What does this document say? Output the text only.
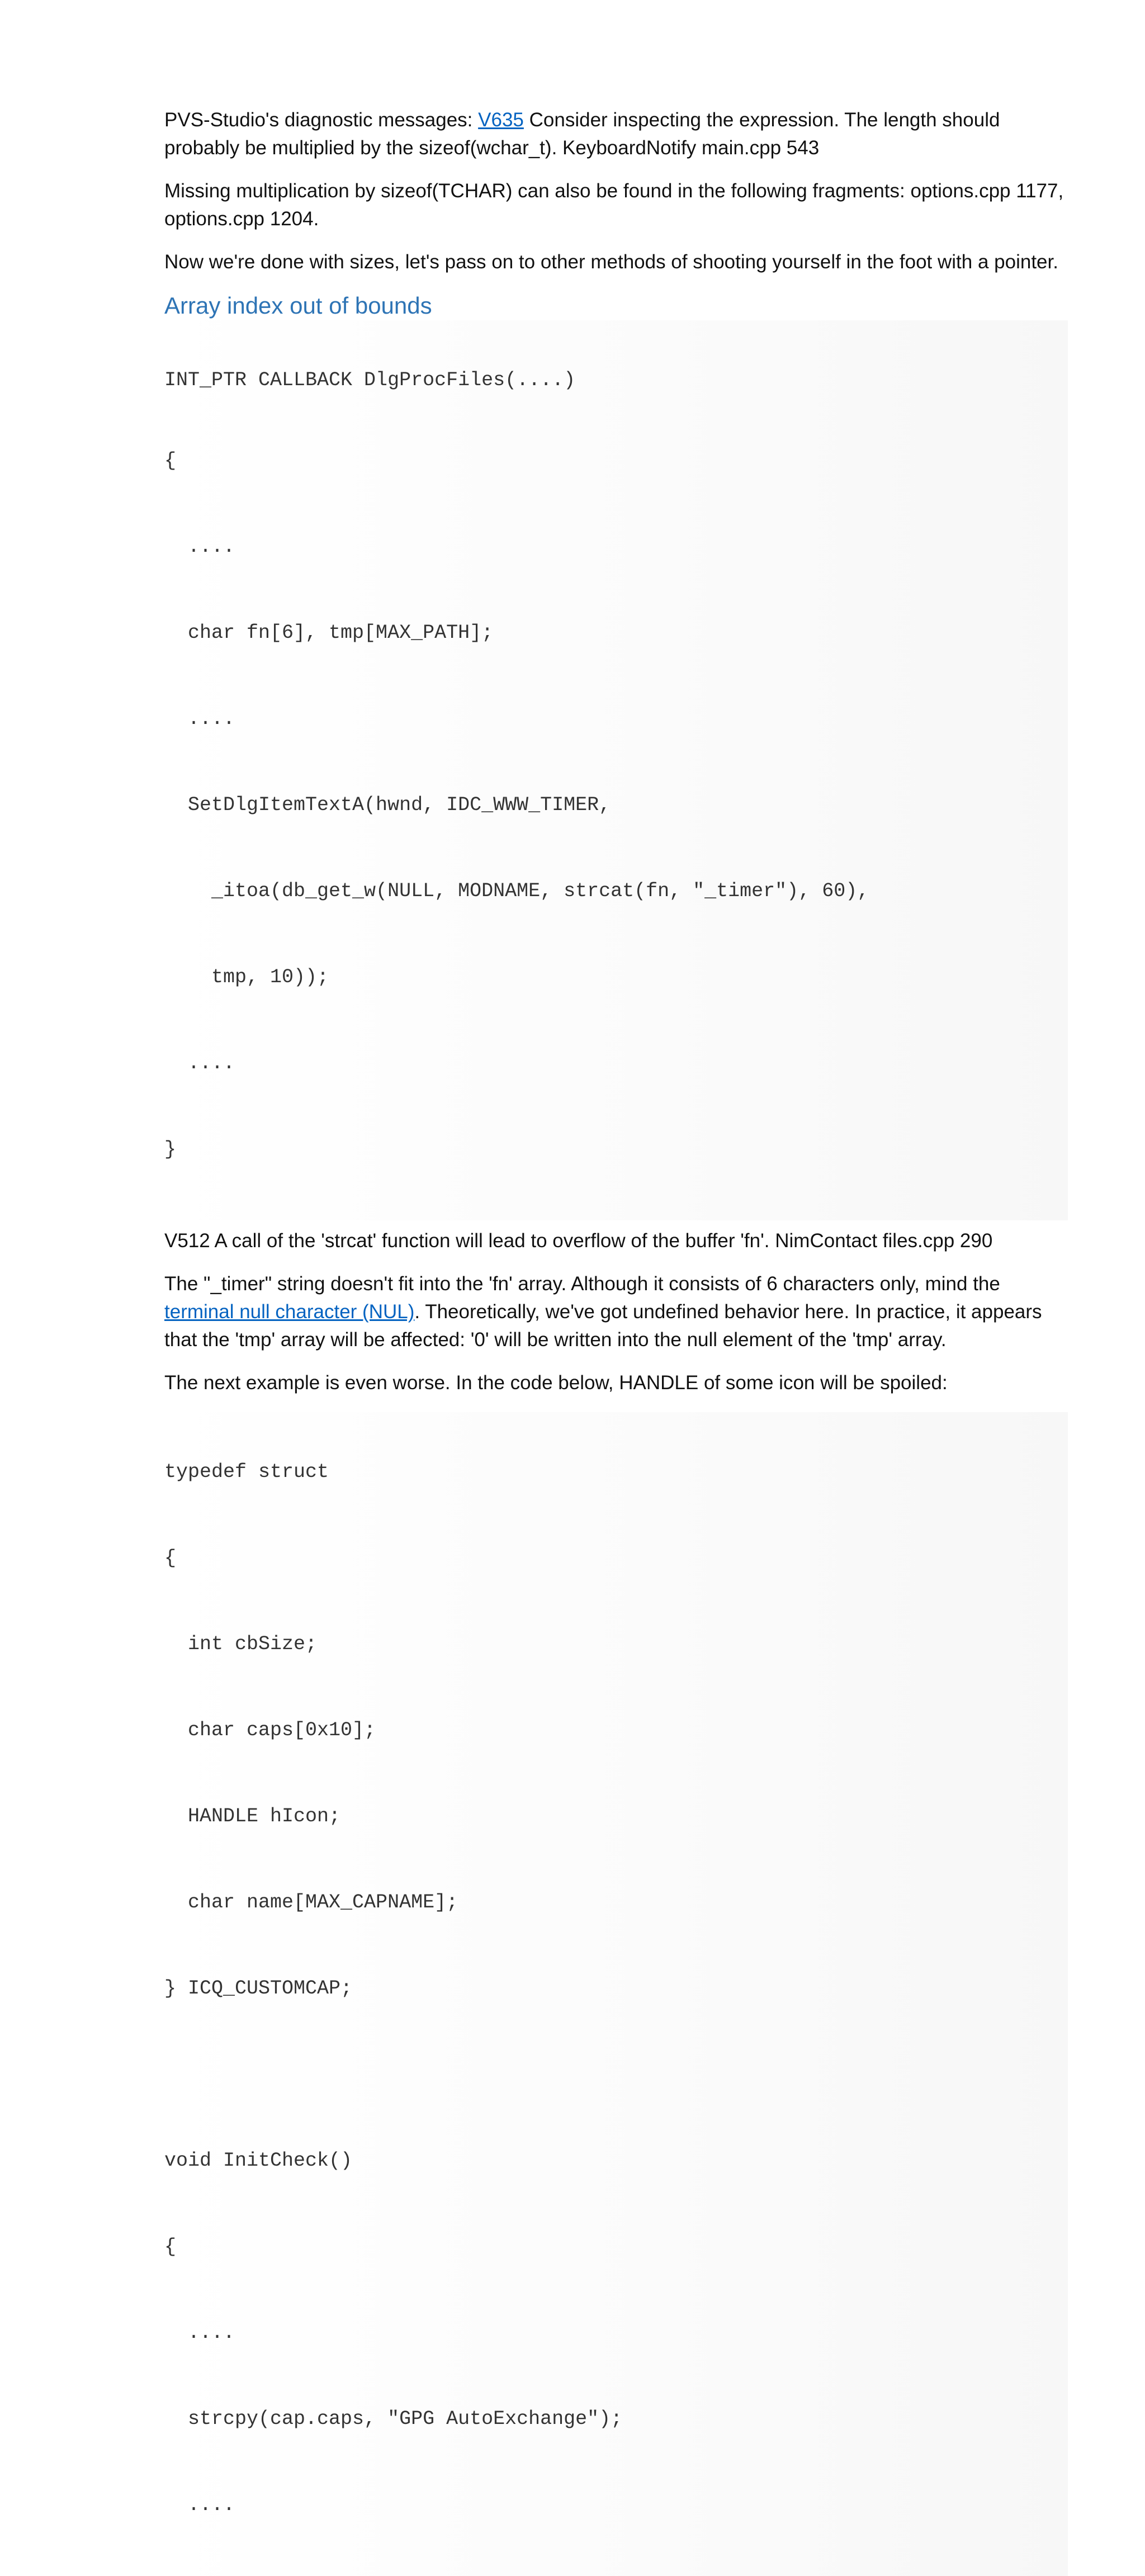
PVS-Studio's diagnostic messages: V635 Consider inspecting the expression. The length should probably be multiplied by the sizeof(wchar_t). KeyboardNotify main.cpp 543

Missing multiplication by sizeof(TCHAR) can also be found in the following fragments: options.cpp 1177, options.cpp 1204.

Now we're done with sizes, let's pass on to other methods of shooting yourself in the foot with a pointer.

Array index out of bounds

INT_PTR CALLBACK DlgProcFiles(....)

{

....

char fn[6], tmp[MAX_PATH];

....

SetDlgItemTextA(hwnd, IDC_WWW_TIMER,

_itoa(db_get_w(NULL, MODNAME, strcat(fn, "_timer"), 60),

tmp, 10));

....

}

V512 A call of the 'strcat' function will lead to overflow of the buffer 'fn'. NimContact files.cpp 290

The "_timer" string doesn't fit into the 'fn' array. Although it consists of 6 characters only, mind the terminal null character (NUL). Theoretically, we've got undefined behavior here. In practice, it appears that the 'tmp' array will be affected: '0' will be written into the null element of the 'tmp' array.

The next example is even worse. In the code below, HANDLE of some icon will be spoiled:

typedef struct

{

int cbSize;

char caps[0x10];

HANDLE hIcon;

char name[MAX_CAPNAME];

} ICQ_CUSTOMCAP;

void InitCheck()

{

....

strcpy(cap.caps, "GPG AutoExchange");

....
